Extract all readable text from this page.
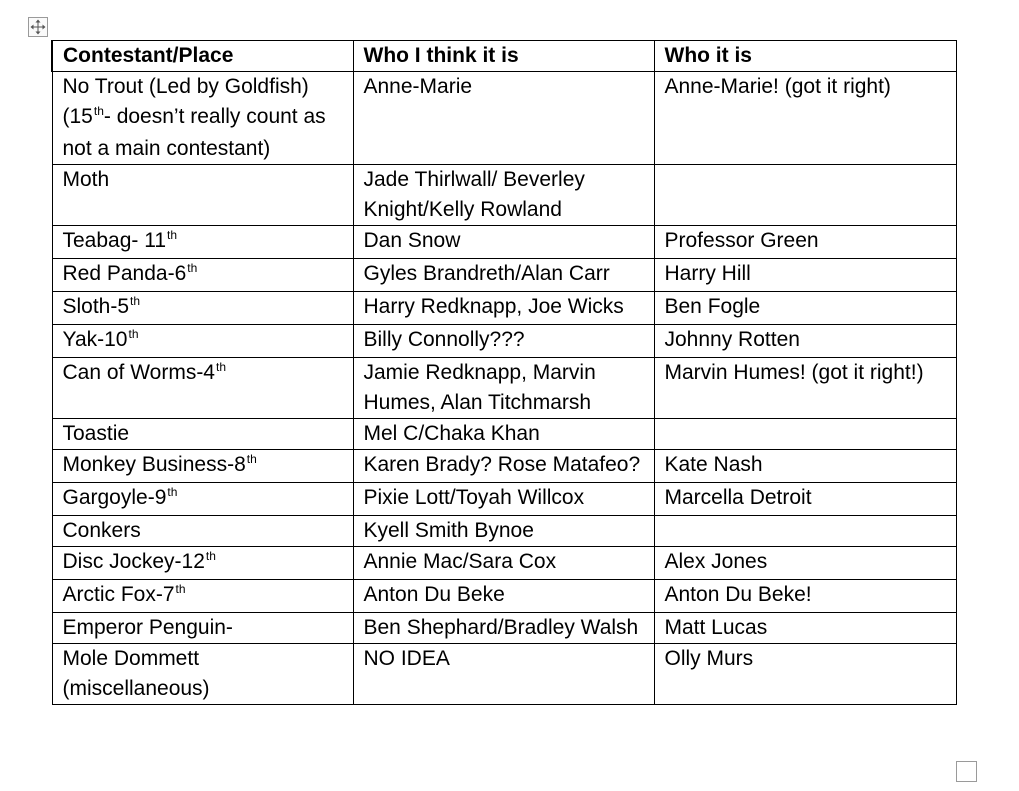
Contestant/Place	Who I think it is	Who it is
No Trout (Led by Goldfish) (15th- doesn’t really count as not a main contestant)	Anne-Marie	Anne-Marie! (got it right)
Moth	Jade Thirlwall/ Beverley Knight/Kelly Rowland	
Teabag- 11th	Dan Snow	Professor Green
Red Panda-6th	Gyles Brandreth/Alan Carr	Harry Hill
Sloth-5th	Harry Redknapp, Joe Wicks	Ben Fogle
Yak-10th	Billy Connolly???	Johnny Rotten
Can of Worms-4th	Jamie Redknapp, Marvin Humes, Alan Titchmarsh	Marvin Humes! (got it right!)
Toastie	Mel C/Chaka Khan	
Monkey Business-8th	Karen Brady? Rose Matafeo?	Kate Nash
Gargoyle-9th	Pixie Lott/Toyah Willcox	Marcella Detroit
Conkers	Kyell Smith Bynoe	
Disc Jockey-12th	Annie Mac/Sara Cox	Alex Jones
Arctic Fox-7th	Anton Du Beke	Anton Du Beke!
Emperor Penguin-	Ben Shephard/Bradley Walsh	Matt Lucas
Mole Dommett (miscellaneous)	NO IDEA	Olly Murs
